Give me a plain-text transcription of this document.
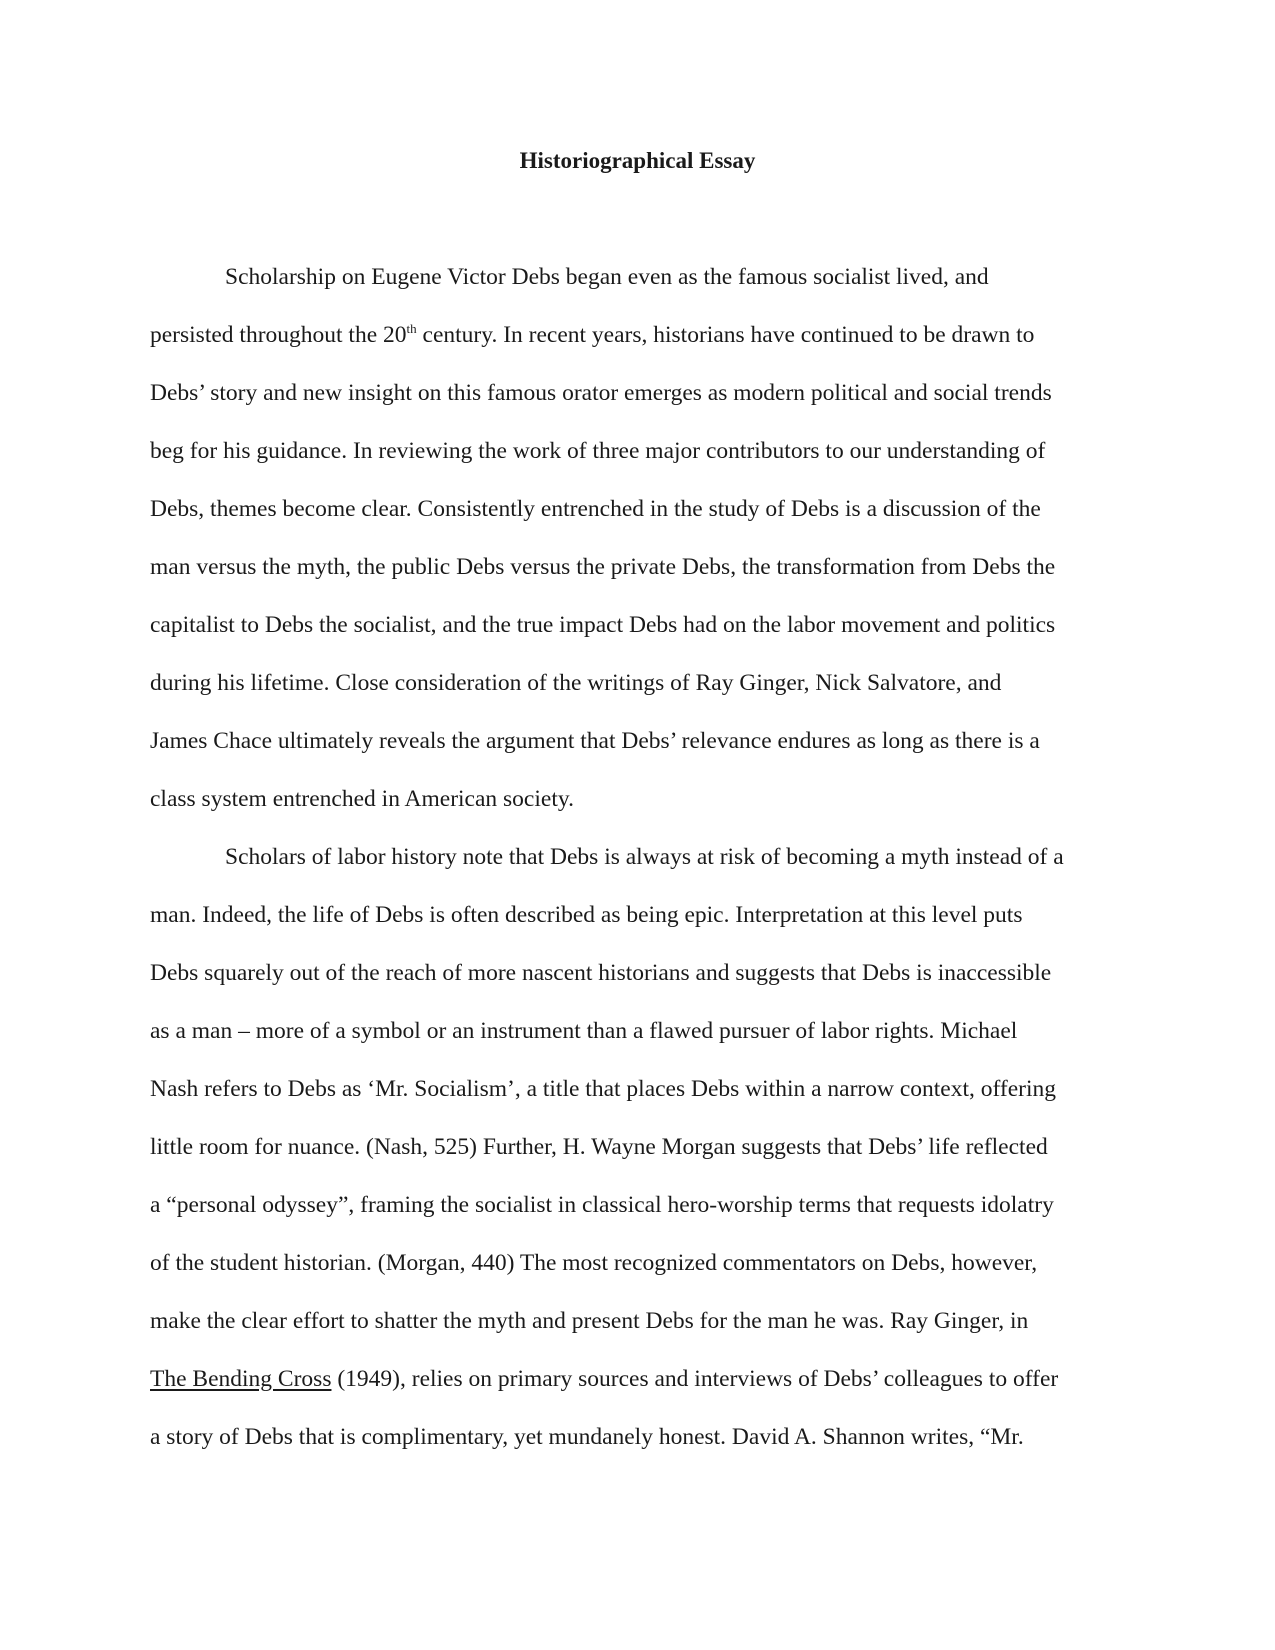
Historiographical Essay
Scholarship on Eugene Victor Debs began even as the famous socialist lived, and
persisted throughout the 20th century. In recent years, historians have continued to be drawn to
Debs’ story and new insight on this famous orator emerges as modern political and social trends
beg for his guidance. In reviewing the work of three major contributors to our understanding of
Debs, themes become clear. Consistently entrenched in the study of Debs is a discussion of the
man versus the myth, the public Debs versus the private Debs, the transformation from Debs the
capitalist to Debs the socialist, and the true impact Debs had on the labor movement and politics
during his lifetime. Close consideration of the writings of Ray Ginger, Nick Salvatore, and
James Chace ultimately reveals the argument that Debs’ relevance endures as long as there is a
class system entrenched in American society.
Scholars of labor history note that Debs is always at risk of becoming a myth instead of a
man. Indeed, the life of Debs is often described as being epic. Interpretation at this level puts
Debs squarely out of the reach of more nascent historians and suggests that Debs is inaccessible
as a man – more of a symbol or an instrument than a flawed pursuer of labor rights. Michael
Nash refers to Debs as ‘Mr. Socialism’, a title that places Debs within a narrow context, offering
little room for nuance. (Nash, 525) Further, H. Wayne Morgan suggests that Debs’ life reflected
a “personal odyssey”, framing the socialist in classical hero-worship terms that requests idolatry
of the student historian. (Morgan, 440) The most recognized commentators on Debs, however,
make the clear effort to shatter the myth and present Debs for the man he was. Ray Ginger, in
The Bending Cross (1949), relies on primary sources and interviews of Debs’ colleagues to offer
a story of Debs that is complimentary, yet mundanely honest. David A. Shannon writes, “Mr.
